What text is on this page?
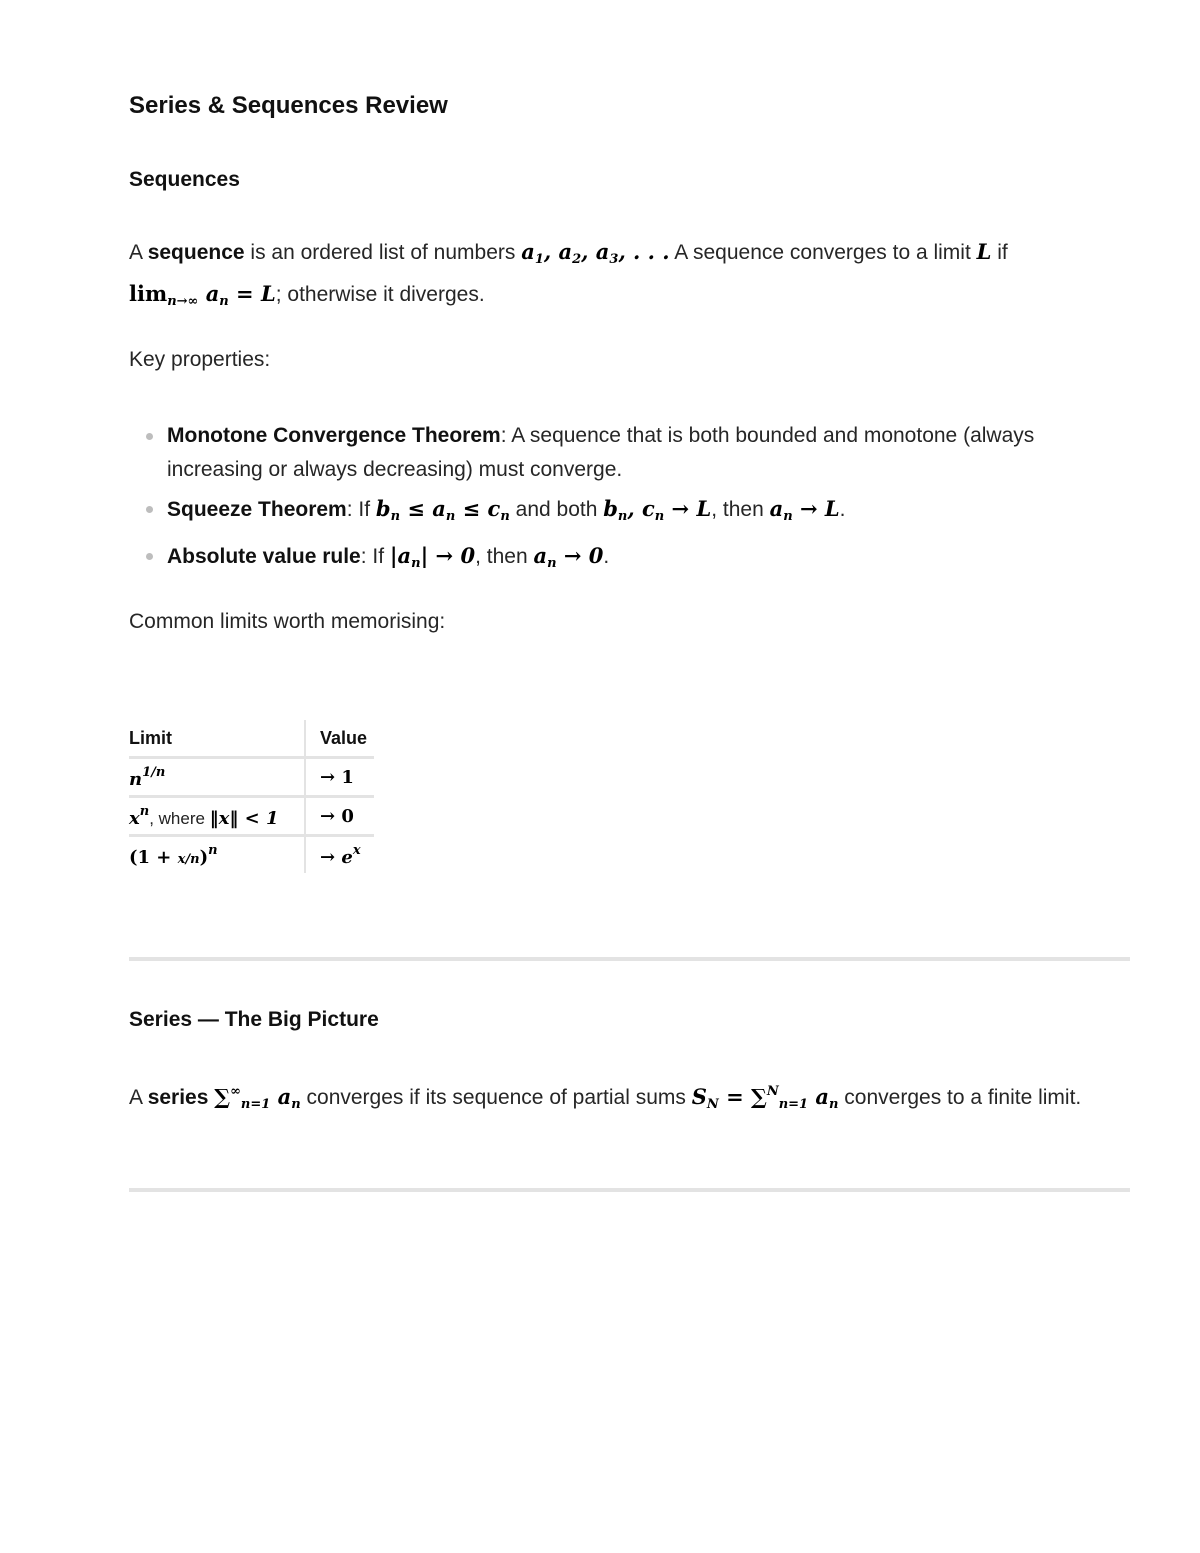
Series & Sequences Review
Sequences

A sequence is an ordered list of numbers $a_1$, $a_2$, $a_3$, . . . A sequence converges to a limit L if
$\lim_{n\to\infty} a_n = L$; otherwise it diverges.

Key properties:

Monotone Convergence Theorem: A sequence that is both bounded and monotone (always increasing or always decreasing) must converge.
Squeeze Theorem: If $b_n \le a_n \le c_n$ and both $b_n$, $c_n \to L$, then $a_n \to L$.
Absolute value rule: If $|a_n| \to 0$, then $a_n \to 0$.

Common limits worth memorising:

Limit	Value
$n^{1/n}$	→ 1
$x^n$, where ‖x‖ < 1	→ 0
$(1 + x/n)^n$	→ $e^x$
Series — The Big Picture

A series $\sum^\infty_{n=1}$ $a_n$ converges if its sequence of partial sums $S_N = \sum^N_{n=1}$ $a_n$ converges to a finite limit.
